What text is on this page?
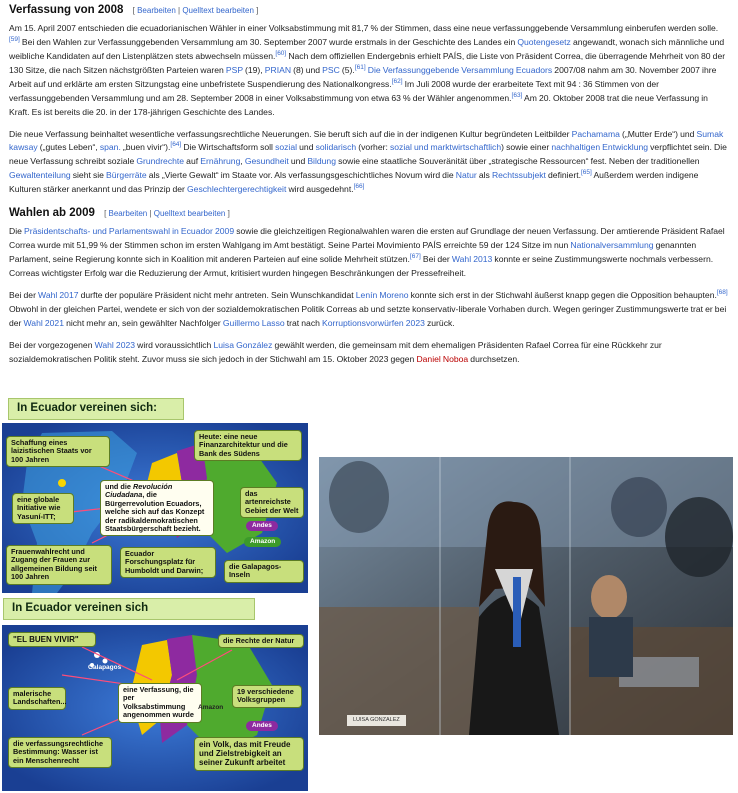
Verfassung von 2008 [ Bearbeiten | Quelltext bearbeiten ]

Am 15. April 2007 entschieden die ecuadorianischen Wähler in einer Volksabstimmung mit 81,7 % der Stimmen, dass eine neue verfassunggebende Versammlung einberufen werden solle.[59] Bei den Wahlen zur Verfassunggebenden Versammlung am 30. September 2007 wurde erstmals in der Geschichte des Landes ein Quotengesetz angewandt, wonach sich männliche und weibliche Kandidaten auf den Listenplätzen stets abwechseln müssen.[60] Nach dem offiziellen Endergebnis erhielt PAÍS, die Liste von Präsident Correa, die überragende Mehrheit von 80 der 130 Sitze, die nach Sitzen nächstgrößten Parteien waren PSP (19), PRIAN (8) und PSC (5).[61] Die Verfassunggebende Versammlung Ecuadors 2007/08 nahm am 30. November 2007 ihre Arbeit auf und erklärte am ersten Sitzungstag eine unbefristete Suspendierung des Nationalkongress.[62] Im Juli 2008 wurde der erarbeitete Text mit 94 : 36 Stimmen von der verfassunggebenden Versammlung und am 28. September 2008 in einer Volksabstimmung von etwa 63 % der Wähler angenommen.[63] Am 20. Oktober 2008 trat die neue Verfassung in Kraft. Es ist bereits die 20. in der 178-jährigen Geschichte des Landes.

Die neue Verfassung beinhaltet wesentliche verfassungsrechtliche Neuerungen. Sie beruft sich auf die in der indigenen Kultur begründeten Leitbilder Pachamama („Mutter Erde“) und Sumak kawsay („gutes Leben“, span. „buen vivir“).[64] Die Wirtschaftsform soll sozial und solidarisch (vorher: sozial und marktwirtschaftlich) sowie einer nachhaltigen Entwicklung verpflichtet sein. Die neue Verfassung schreibt soziale Grundrechte auf Ernährung, Gesundheit und Bildung sowie eine staatliche Souveränität über „strategische Ressourcen“ fest. Neben der traditionellen Gewaltenteilung sieht sie Bürgerräte als „Vierte Gewalt“ im Staate vor. Als verfassungsgeschichtliches Novum wird die Natur als Rechtssubjekt definiert.[65] Außerdem werden indigene Kulturen stärker anerkannt und das Prinzip der Geschlechtergerechtigkeit wird ausgedehnt.[66]

Wahlen ab 2009 [ Bearbeiten | Quelltext bearbeiten ]

Die Präsidentschafts- und Parlamentswahl in Ecuador 2009 sowie die gleichzeitigen Regionalwahlen waren die ersten auf Grundlage der neuen Verfassung. Der amtierende Präsident Rafael Correa wurde mit 51,99 % der Stimmen schon im ersten Wahlgang im Amt bestätigt. Seine Partei Movimiento PAÍS erreichte 59 der 124 Sitze im nun Nationalversammlung genannten Parlament, seine Regierung konnte sich in Koalition mit anderen Parteien auf eine solide Mehrheit stützen.[67] Bei der Wahl 2013 konnte er seine Zustimmungswerte nochmals verbessern. Correas wichtigster Erfolg war die Reduzierung der Armut, kritisiert wurden hingegen Beschränkungen der Pressefreiheit.

Bei der Wahl 2017 durfte der populäre Präsident nicht mehr antreten. Sein Wunschkandidat Lenín Moreno konnte sich erst in der Stichwahl äußerst knapp gegen die Opposition behaupten.[68] Obwohl in der gleichen Partei, wendete er sich von der sozialdemokratischen Politik Correas ab und setzte konservativ-liberale Vorhaben durch. Wegen geringer Zustimmungswerte trat er bei der Wahl 2021 nicht mehr an, sein gewählter Nachfolger Guillermo Lasso trat nach Korruptionsvorwürfen 2023 zurück.

Bei der vorgezogenen Wahl 2023 wird voraussichtlich Luisa González gewählt werden, die gemeinsam mit dem ehemaligen Präsidenten Rafael Correa für eine Rückkehr zur sozialdemokratischen Politik steht. Zuvor muss sie sich jedoch in der Stichwahl am 15. Oktober 2023 gegen Daniel Noboa durchsetzen.

In Ecuador vereinen sich:
Schaffung eines laizistischen Staats vor 100 Jahren
Heute: eine neue Finanzarchitektur und die Bank des Südens
eine globale Initiative wie Yasuní-ITT;
und die Revolución Ciudadana, die Bürgerrevolution Ecuadors, welche sich auf das Konzept der radikaldemokratischen Staatsbürgerschaft bezieht.
das artenreichste Gebiet der Welt
Andes
Amazon
Frauenwahlrecht und Zugang der Frauen zur allgemeinen Bildung seit 100 Jahren
Ecuador Forschungsplatz für Humboldt und Darwin;	die Galapagos-Inseln
In Ecuador vereinen sich
"EL BUEN VIVIR"	die Rechte der Natur
Galapagos
malerische Landschaften...
eine Verfassung, die per Volksabstimmung angenommen wurde
Amazon
19 verschiedene Volksgruppen
Andes
die verfassungsrechtliche Bestimmung: Wasser ist ein Menschenrecht
ein Volk, das mit Freude und Zielstrebigkeit an seiner Zukunft arbeitet
LUISA GONZALEZ
